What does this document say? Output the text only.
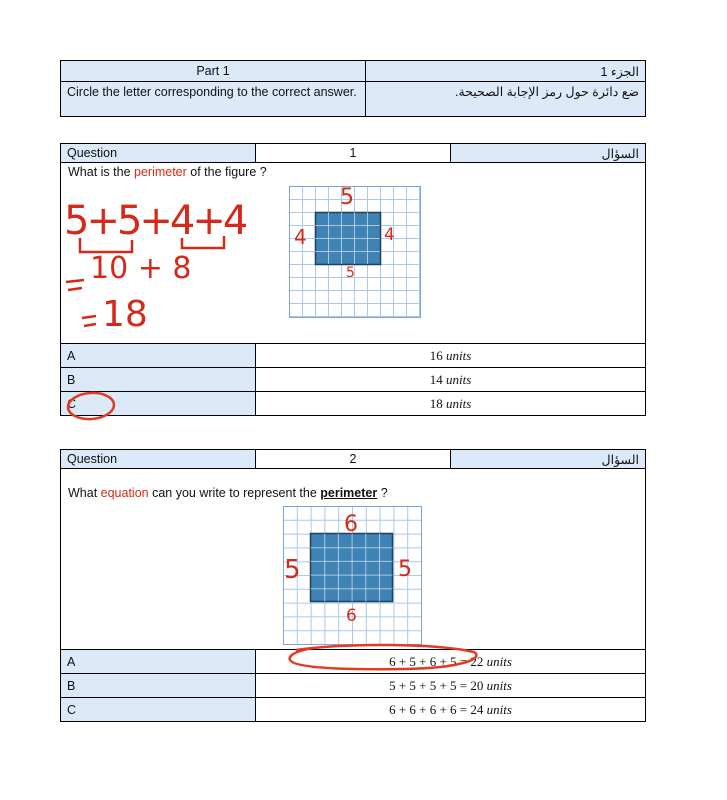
Part 1	الجزء 1
Circle the letter corresponding to the correct answer.	ضع دائرة حول رمز الإجابة الصحيحة.
Question	1	السؤال

What is the perimeter of the figure ?		

A	16 units	
B	14 units	
C	18 units	
Question	2	السؤال

What equation can you write to represent the perimeter ?		

A	6 + 5 + 6 + 5 = 22 units	
B	5 + 5 + 5 + 5 = 20 units	
C	6 + 6 + 6 + 6 = 24 units	
5
4	4
5
5+5+4+4
10 + 8
18
6
5	5
6
